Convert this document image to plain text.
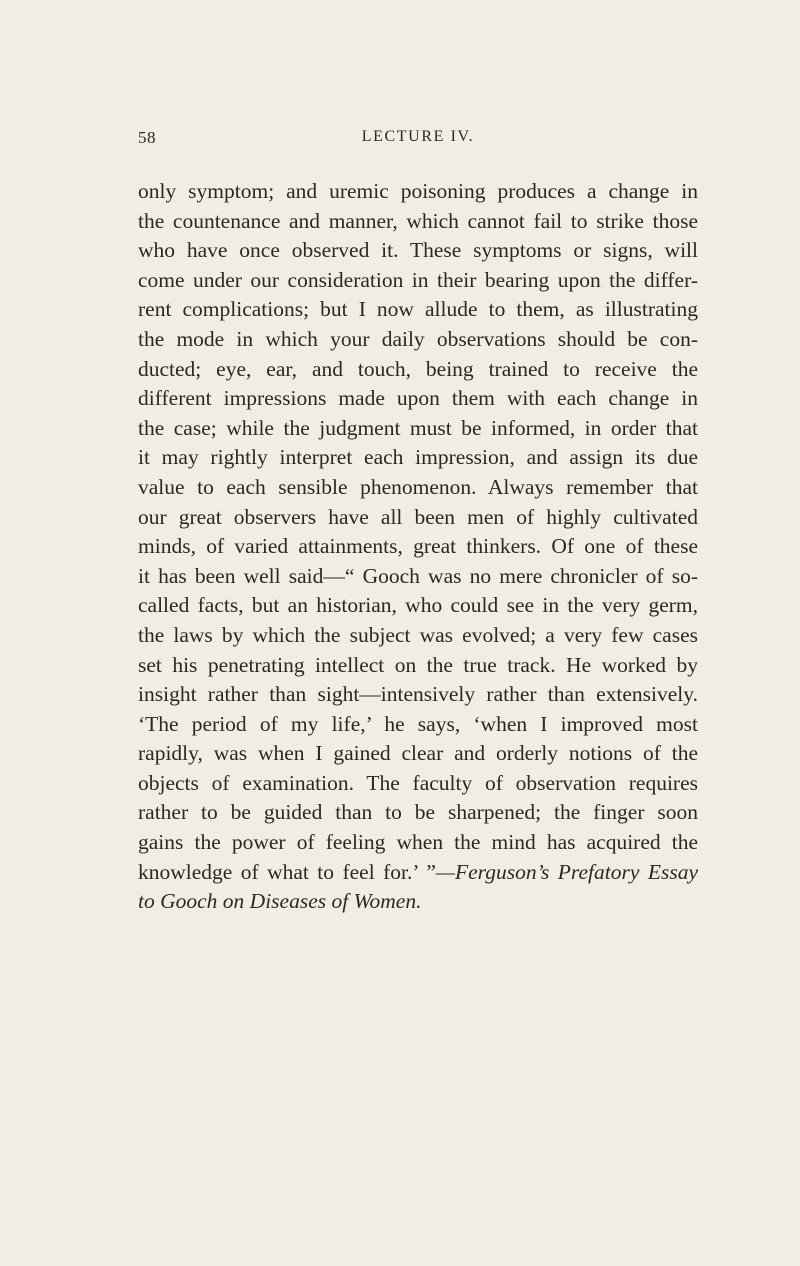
58	LECTURE IV.
only symptom; and uremic poisoning produces a change in
the countenance and manner, which cannot fail to strike those
who have once observed it. These symptoms or signs, will
come under our consideration in their bearing upon the differ-
rent complications; but I now allude to them, as illustrating
the mode in which your daily observations should be con-
ducted; eye, ear, and touch, being trained to receive the
different impressions made upon them with each change in
the case; while the judgment must be informed, in order that
it may rightly interpret each impression, and assign its due
value to each sensible phenomenon. Always remember that
our great observers have all been men of highly cultivated
minds, of varied attainments, great thinkers. Of one of these
it has been well said—“ Gooch was no mere chronicler of so-
called facts, but an historian, who could see in the very germ,
the laws by which the subject was evolved; a very few cases
set his penetrating intellect on the true track. He worked by
insight rather than sight—intensively rather than extensively.
‘The period of my life,’ he says, ‘when I improved most
rapidly, was when I gained clear and orderly notions of the
objects of examination. The faculty of observation requires
rather to be guided than to be sharpened; the finger soon
gains the power of feeling when the mind has acquired the
knowledge of what to feel for.’ ”—Ferguson’s Prefatory Essay
to Gooch on Diseases of Women.
